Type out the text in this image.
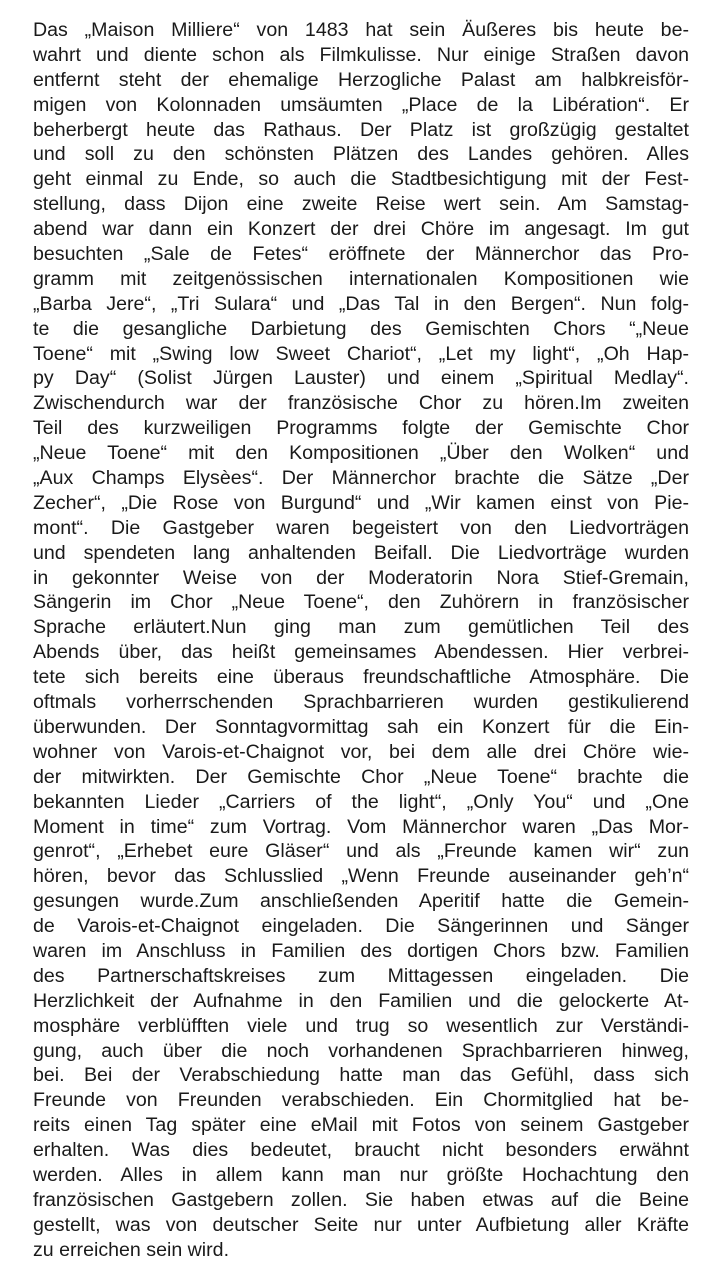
Das „Maison Milliere“ von 1483 hat sein Äußeres bis heute be-
wahrt und diente schon als Filmkulisse. Nur einige Straßen davon
entfernt steht der ehemalige Herzogliche Palast am halbkreisför-
migen von Kolonnaden umsäumten „Place de la Libération“. Er
beherbergt heute das Rathaus. Der Platz ist großzügig gestaltet
und soll zu den schönsten Plätzen des Landes gehören. Alles
geht einmal zu Ende, so auch die Stadtbesichtigung mit der Fest-
stellung, dass Dijon eine zweite Reise wert sein. Am Samstag-
abend war dann ein Konzert der drei Chöre im angesagt. Im gut
besuchten „Sale de Fetes“ eröffnete der Männerchor das Pro-
gramm mit zeitgenössischen internationalen Kompositionen wie
„Barba Jere“, „Tri Sulara“ und „Das Tal in den Bergen“. Nun folg-
te die gesangliche Darbietung des Gemischten Chors “„Neue
Toene“ mit „Swing low Sweet Chariot“, „Let my light“, „Oh Hap-
py Day“ (Solist Jürgen Lauster) und einem „Spiritual Medlay“.
Zwischendurch war der französische Chor zu hören.Im zweiten
Teil des kurzweiligen Programms folgte der Gemischte Chor
„Neue Toene“ mit den Kompositionen „Über den Wolken“ und
„Aux Champs Elysèes“. Der Männerchor brachte die Sätze „Der
Zecher“, „Die Rose von Burgund“ und „Wir kamen einst von Pie-
mont“. Die Gastgeber waren begeistert von den Liedvorträgen
und spendeten lang anhaltenden Beifall. Die Liedvorträge wurden
in gekonnter Weise von der Moderatorin Nora Stief-Gremain,
Sängerin im Chor „Neue Toene“, den Zuhörern in französischer
Sprache erläutert.Nun ging man zum gemütlichen Teil des
Abends über, das heißt gemeinsames Abendessen. Hier verbrei-
tete sich bereits eine überaus freundschaftliche Atmosphäre. Die
oftmals vorherrschenden Sprachbarrieren wurden gestikulierend
überwunden. Der Sonntagvormittag sah ein Konzert für die Ein-
wohner von Varois-et-Chaignot vor, bei dem alle drei Chöre wie-
der mitwirkten. Der Gemischte Chor „Neue Toene“ brachte die
bekannten Lieder „Carriers of the light“, „Only You“ und „One
Moment in time“ zum Vortrag. Vom Männerchor waren „Das Mor-
genrot“, „Erhebet eure Gläser“ und als „Freunde kamen wir“ zun
hören, bevor das Schlusslied „Wenn Freunde auseinander geh’n“
gesungen wurde.Zum anschließenden Aperitif hatte die Gemein-
de Varois-et-Chaignot eingeladen. Die Sängerinnen und Sänger
waren im Anschluss in Familien des dortigen Chors bzw. Familien
des Partnerschaftskreises zum Mittagessen eingeladen. Die
Herzlichkeit der Aufnahme in den Familien und die gelockerte At-
mosphäre verblüfften viele und trug so wesentlich zur Verständi-
gung, auch über die noch vorhandenen Sprachbarrieren hinweg,
bei. Bei der Verabschiedung hatte man das Gefühl, dass sich
Freunde von Freunden verabschieden. Ein Chormitglied hat be-
reits einen Tag später eine eMail mit Fotos von seinem Gastgeber
erhalten. Was dies bedeutet, braucht nicht besonders erwähnt
werden. Alles in allem kann man nur größte Hochachtung den
französischen Gastgebern zollen. Sie haben etwas auf die Beine
gestellt, was von deutscher Seite nur unter Aufbietung aller Kräfte
zu erreichen sein wird.
